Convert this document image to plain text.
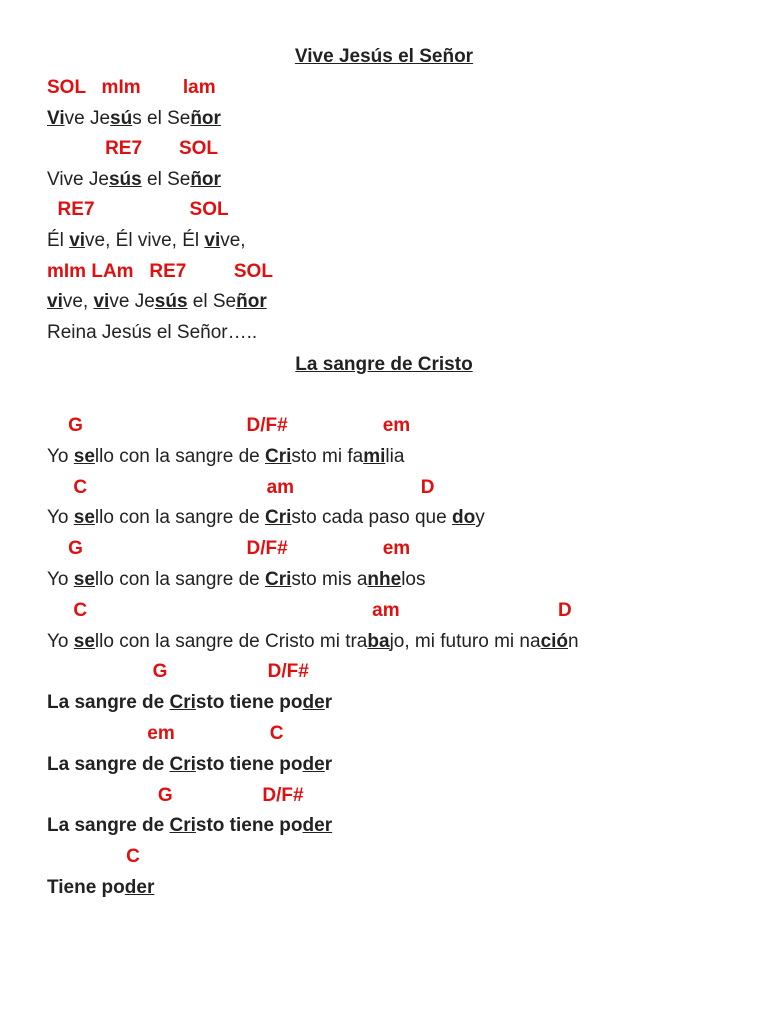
Vive Jesús el Señor
SOL   mIm        lam
Vive Jesús el Señor
RE7       SOL
Vive Jesús el Señor
RE7                  SOL
Él vive, Él vive, Él vive,
mIm LAm   RE7         SOL
vive, vive Jesús el Señor
Reina Jesús el Señor…..
La sangre de Cristo
G                               D/F#                  em
Yo sello con la sangre de Cristo mi familia
C                                  am                        D
Yo sello con la sangre de Cristo cada paso que doy
G                               D/F#                  em
Yo sello con la sangre de Cristo mis anhelos
C                                                      am                              D
Yo sello con la sangre de Cristo mi trabajo, mi futuro mi nación
G                   D/F#
La sangre de Cristo tiene poder
em                  C
La sangre de Cristo tiene poder
G                 D/F#
La sangre de Cristo tiene poder
C
Tiene poder
